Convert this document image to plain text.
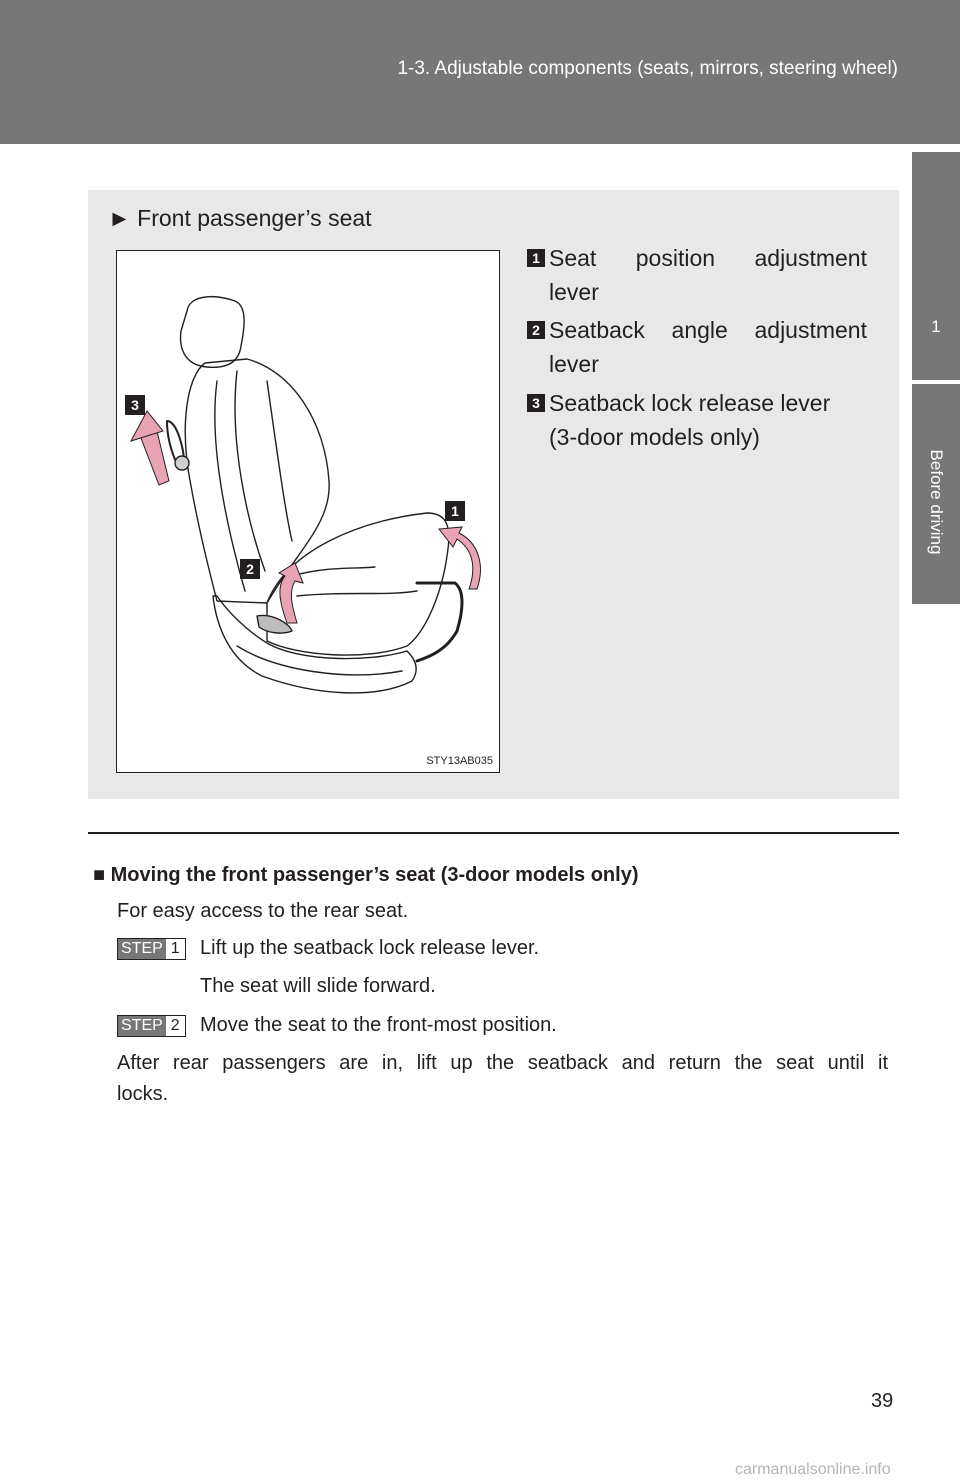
1-3. Adjustable components (seats, mirrors, steering wheel)
1
Before driving
► Front passenger’s seat
3
2
1
STY13AB035
1 Seat position adjustment
lever
2 Seatback angle adjustment
lever
3 Seatback lock release lever
(3-door models only)
■ Moving the front passenger’s seat (3-door models only)
For easy access to the rear seat.
STEP 1 Lift up the seatback lock release lever.
The seat will slide forward.
STEP 2 Move the seat to the front-most position.
After rear passengers are in, lift up the seatback and return the seat until it
locks.
39
carmanualsonline.info
